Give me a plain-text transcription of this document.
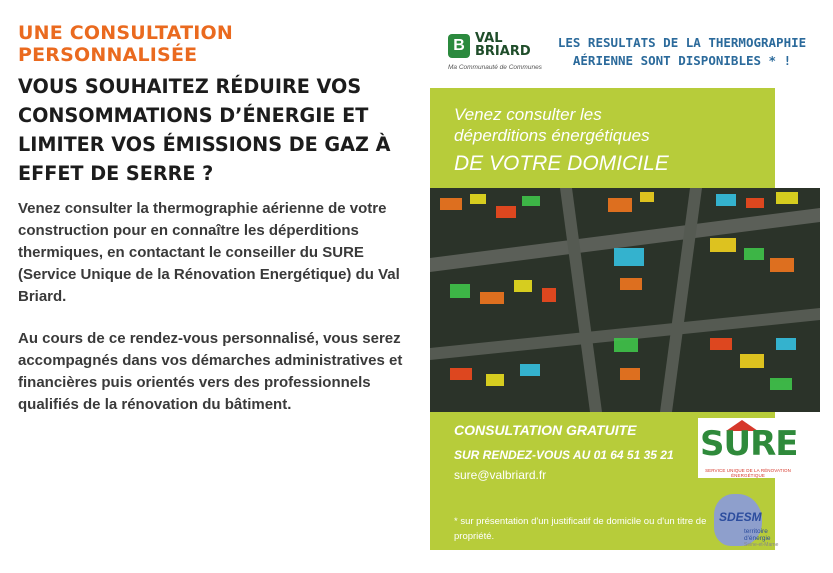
UNE CONSULTATION PERSONNALISÉE
VOUS SOUHAITEZ RÉDUIRE VOS CONSOMMATIONS D’ÉNERGIE ET LIMITER VOS ÉMISSIONS DE GAZ À EFFET DE SERRE ?

Venez consulter la thermographie aérienne de votre construction pour en connaître les déperditions thermiques, en contactant le conseiller du SURE (Service Unique de la Rénovation Energétique) du Val Briard.

Au cours de ce rendez-vous personnalisé, vous serez accompagnés dans vos démarches administratives et financières puis orientés vers des professionnels qualifiés de la rénovation du bâtiment.

B VAL
BRIARD
Ma Communauté de Communes
LES RESULTATS DE LA THERMOGRAPHIE AÉRIENNE SONT DISPONIBLES * !
Venez consulter les
déperditions énergétiques
DE VOTRE DOMICILE
CONSULTATION GRATUITE
SUR RENDEZ-VOUS AU 01 64 51 35 21
sure@valbriard.fr
* sur présentation d'un justificatif de domicile ou d'un titre de propriété.
SURE
SERVICE UNIQUE DE LA RÉNOVATION ÉNERGÉTIQUE
SDESM
territoire
d'énergie
Seine-et-Marne
